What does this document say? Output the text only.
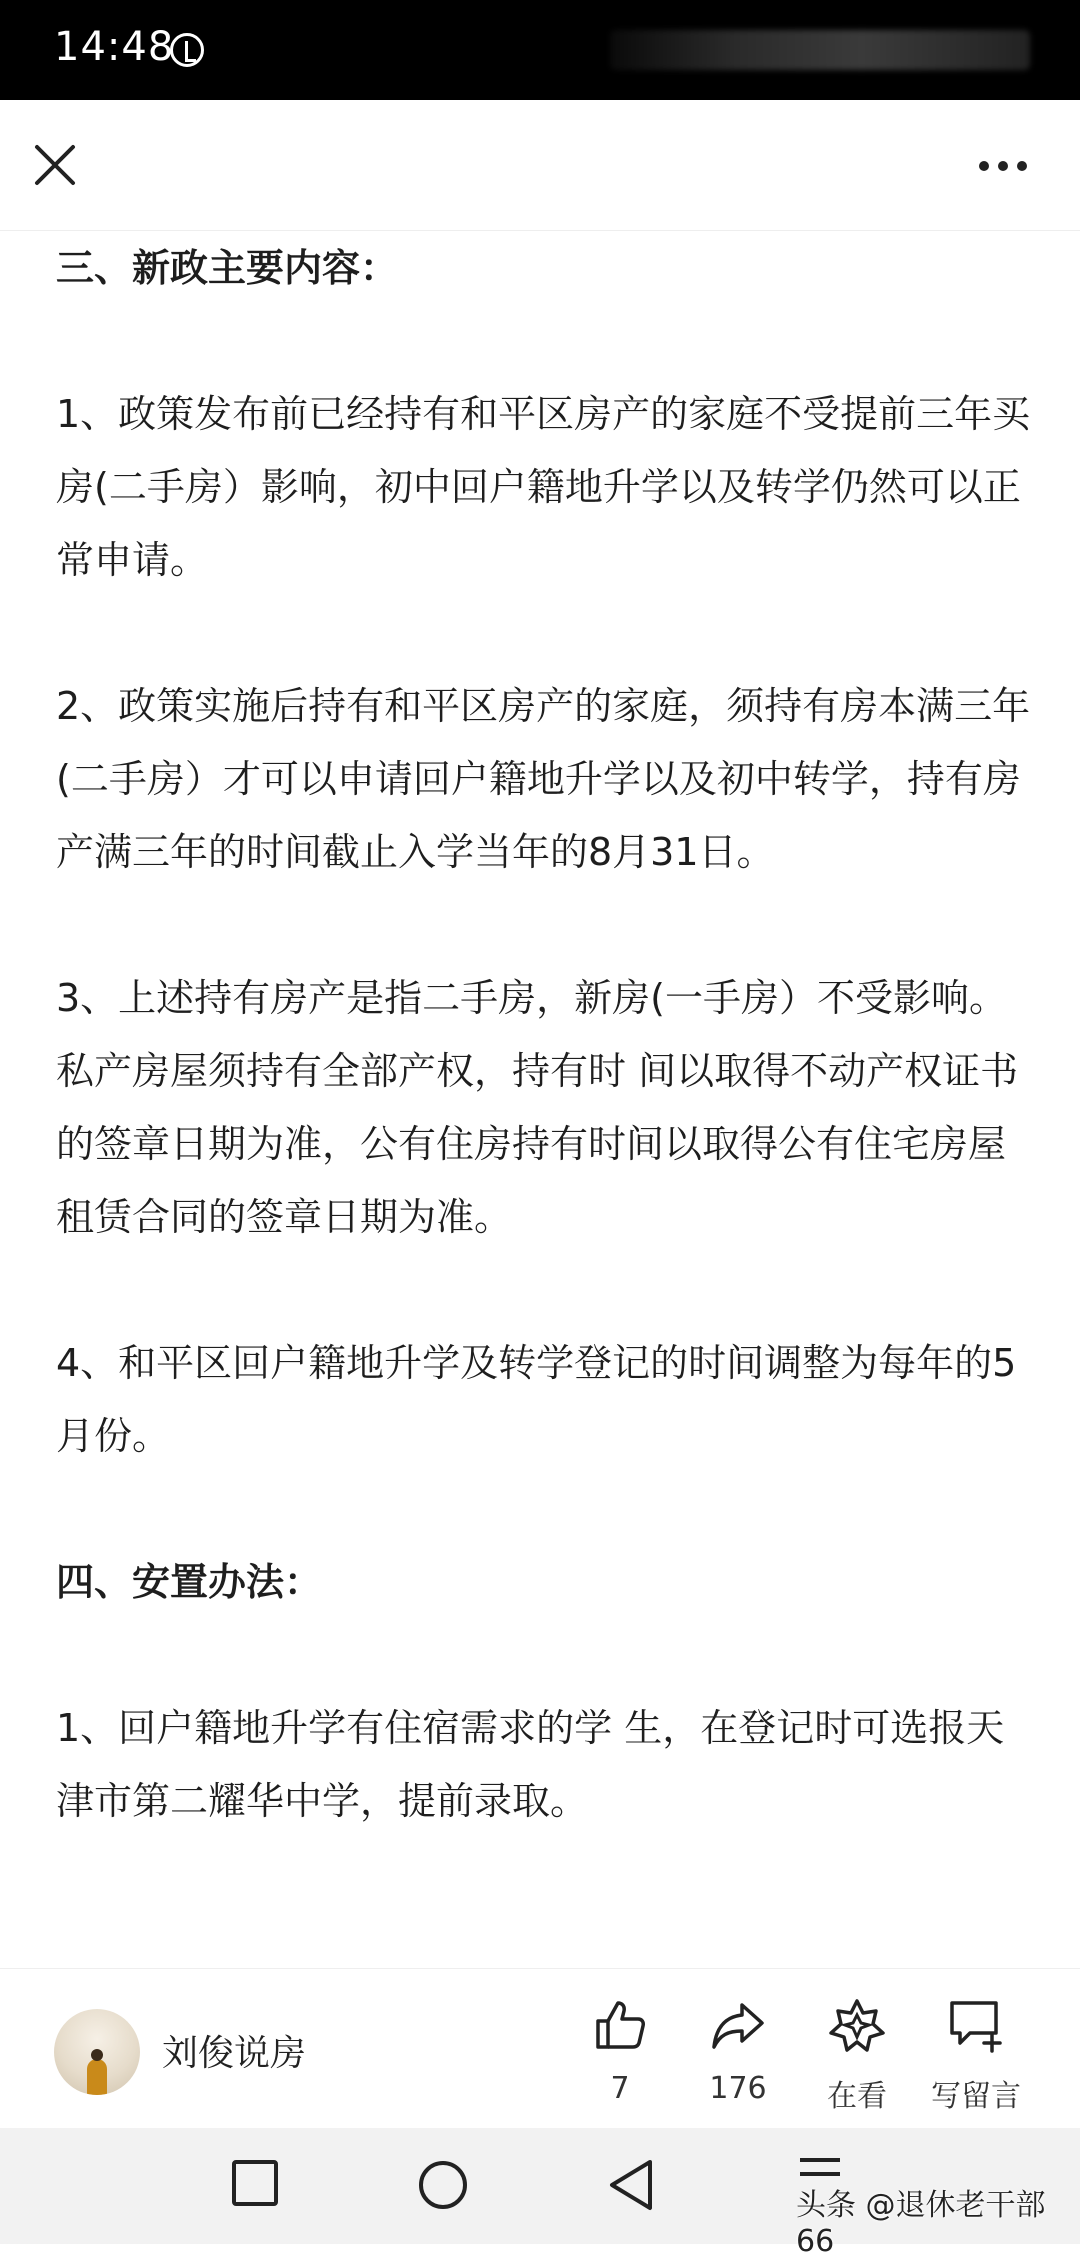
14:48
三、新政主要内容：

1、政策发布前已经持有和平区房产的家庭不受提前三年买房(二手房）影响，初中回户籍地升学以及转学仍然可以正常申请。

2、政策实施后持有和平区房产的家庭，须持有房本满三年(二手房）才可以申请回户籍地升学以及初中转学，持有房产满三年的时间截止入学当年的8月31日。

3、上述持有房产是指二手房，新房(一手房）不受影响。私产房屋须持有全部产权，持有时 间以取得不动产权证书的签章日期为准，公有住房持有时间以取得公有住宅房屋租赁合同的签章日期为准。

4、和平区回户籍地升学及转学登记的时间调整为每年的5月份。

四、安置办法：

1、回户籍地升学有住宿需求的学 生，在登记时可选报天津市第二耀华中学，提前录取。

刘俊说房
7	176	在看	写留言
头条 @退休老干部66
